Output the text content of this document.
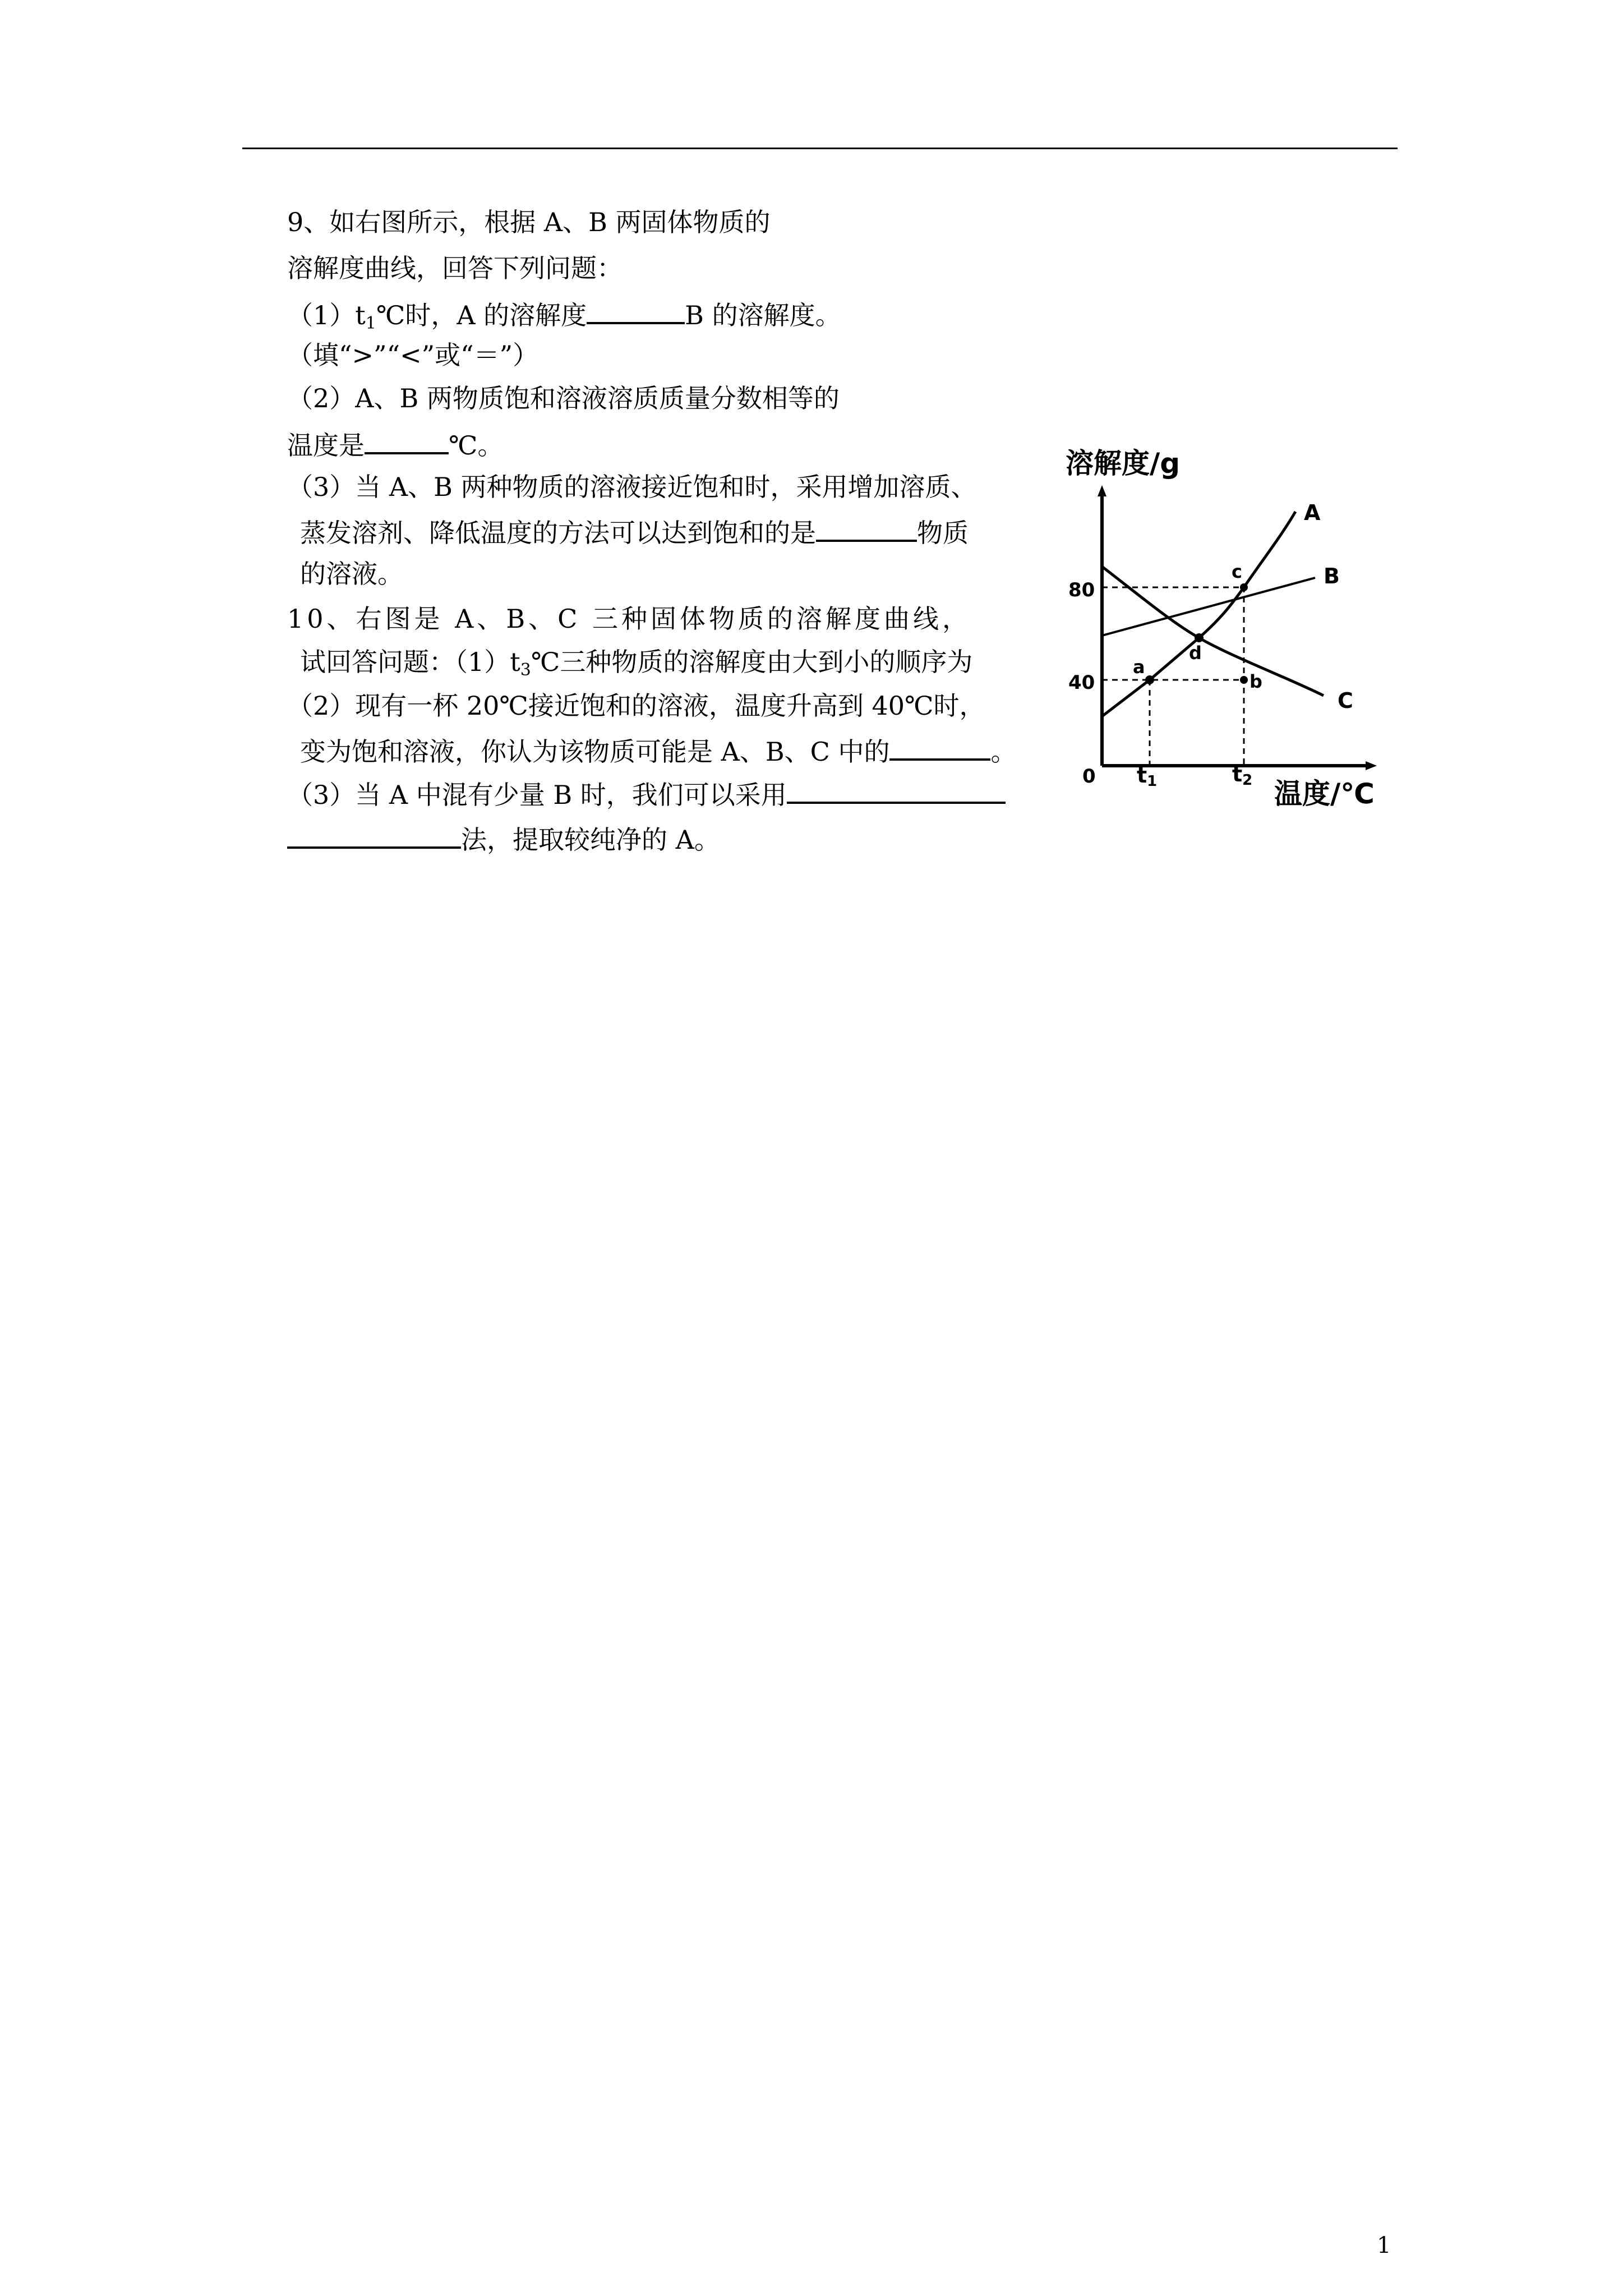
9、如右图所示，根据 A、B 两固体物质的
溶解度曲线，回答下列问题：
$(1)t_1℃$时，A 的溶解度	B 的溶解度。
（填“>”“<”或“＝”）
（2）A、B 两物质饱和溶液溶质质量分数相等的
温度是	℃。
（3）当 A、B 两种物质的溶液接近饱和时，采用增加溶质、
蒸发溶剂、降低温度的方法可以达到饱和的是	物质
的溶液。
10、右图是 A、B、C 三种固体物质的溶解度曲线，
试回答问题：$(1)t_3℃$三种物质的溶解度由大到小的顺序为
（2）现有一杯 20℃接近饱和的溶液，温度升高到 40℃时，
变为饱和溶液，你认为该物质可能是 A、B、C 中的	。
（3）当 A 中混有少量 B 时，我们可以采用
法，提取较纯净的 A。
溶解度/g
0
80
40
t1	t2 温度/℃
A
B
C
a
b
c
d
1
